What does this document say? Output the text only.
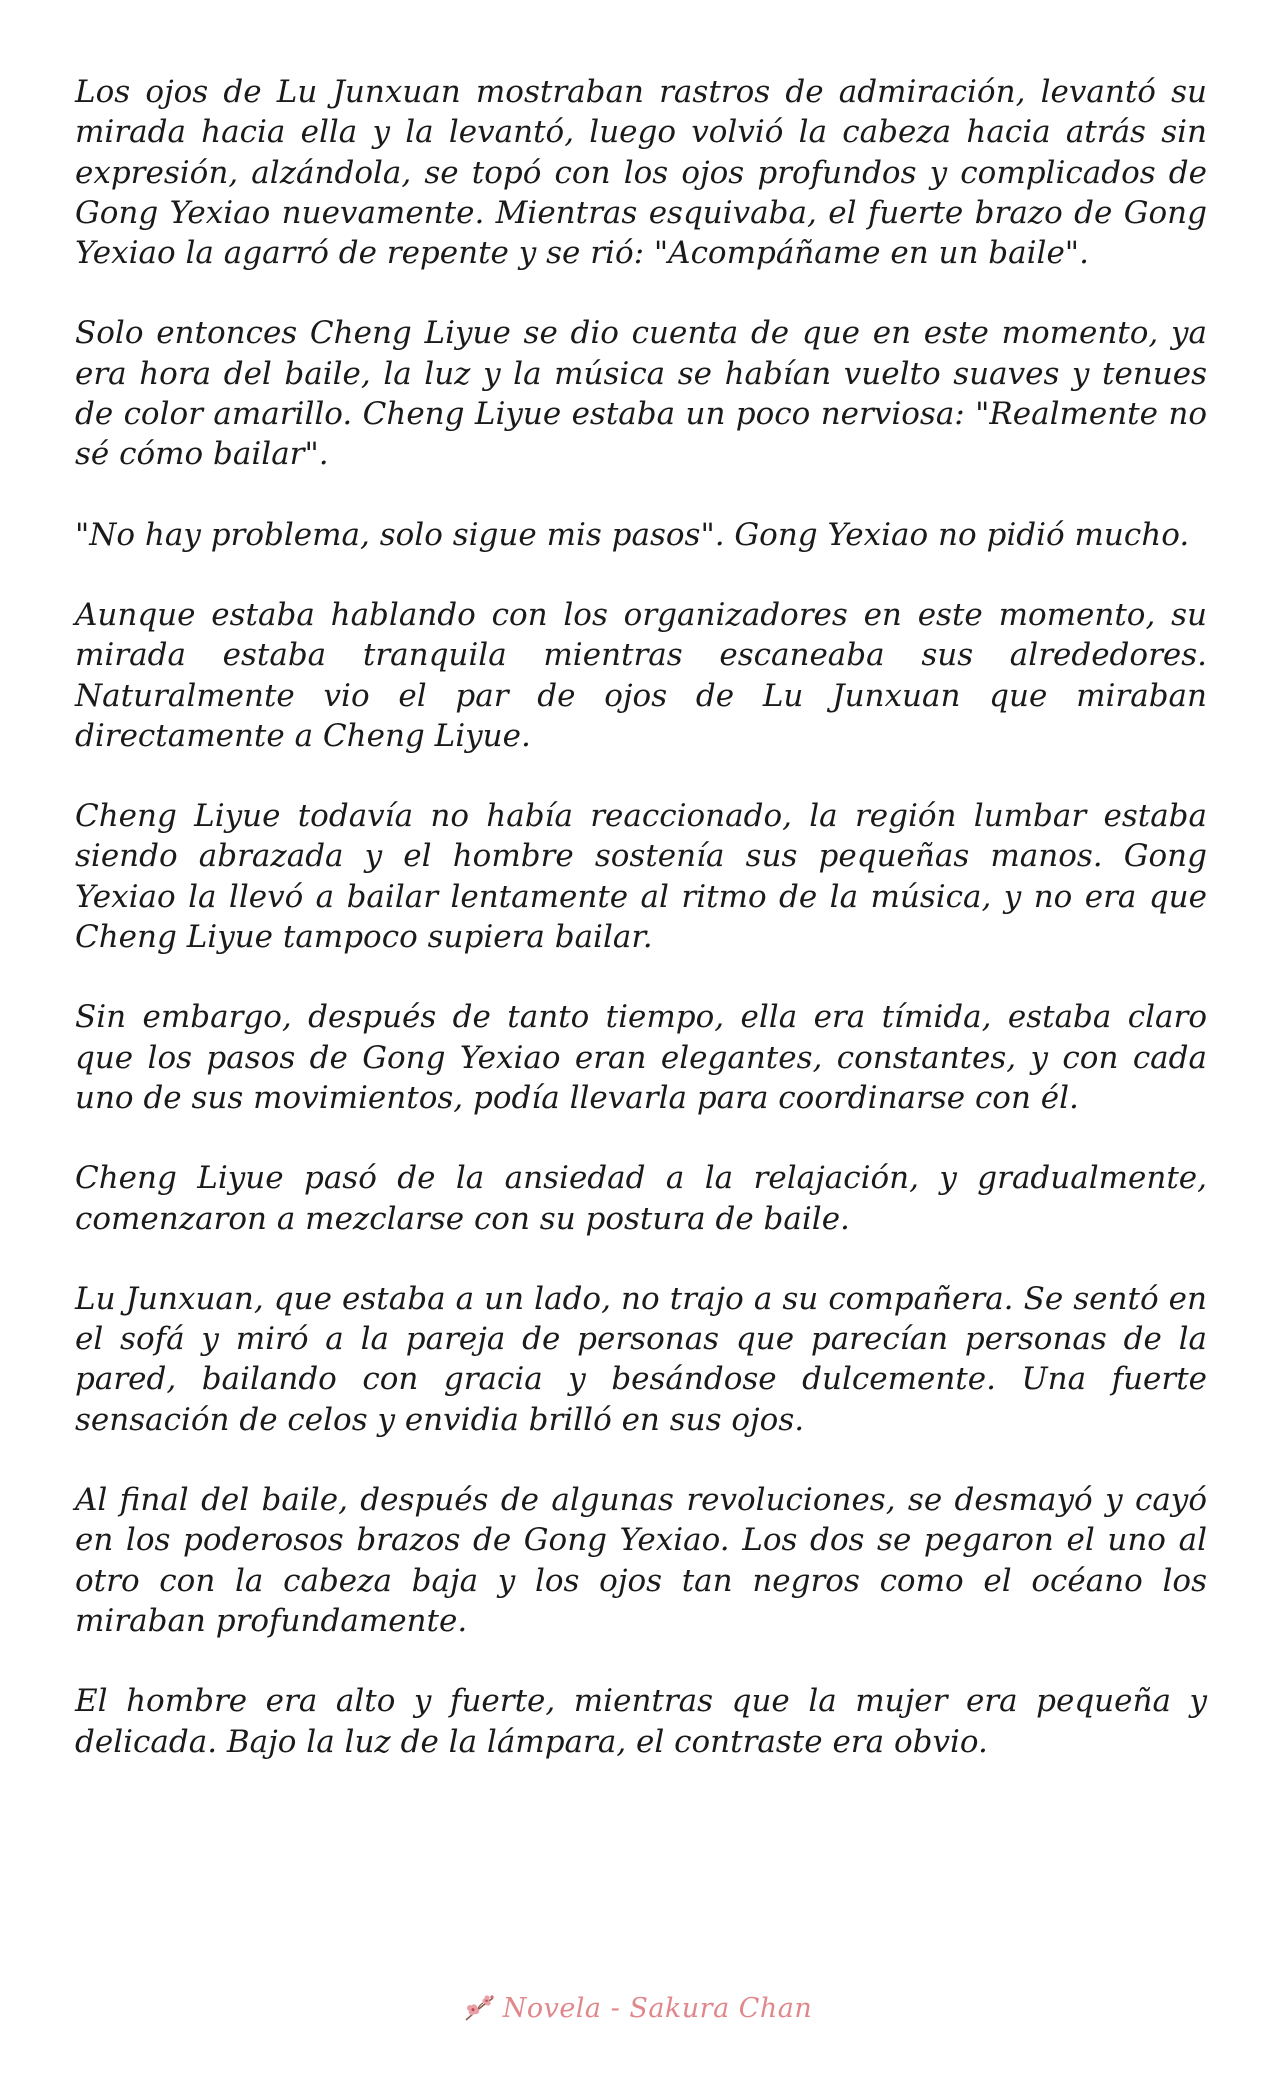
Los ojos de Lu Junxuan mostraban rastros de admiración, levantó su mirada hacia ella y la levantó, luego volvió la cabeza hacia atrás sin expresión, alzándola, se topó con los ojos profundos y complicados de Gong Yexiao nuevamente. Mientras esquivaba, el fuerte brazo de Gong Yexiao la agarró de repente y se rió: "Acompáñame en un baile".

Solo entonces Cheng Liyue se dio cuenta de que en este momento, ya era hora del baile, la luz y la música se habían vuelto suaves y tenues de color amarillo. Cheng Liyue estaba un poco nerviosa: "Realmente no sé cómo bailar".

"No hay problema, solo sigue mis pasos". Gong Yexiao no pidió mucho.

Aunque estaba hablando con los organizadores en este momento, su mirada estaba tranquila mientras escaneaba sus alrededores. Naturalmente vio el par de ojos de Lu Junxuan que miraban directamente a Cheng Liyue.

Cheng Liyue todavía no había reaccionado, la región lumbar estaba siendo abrazada y el hombre sostenía sus pequeñas manos. Gong Yexiao la llevó a bailar lentamente al ritmo de la música, y no era que Cheng Liyue tampoco supiera bailar.

Sin embargo, después de tanto tiempo, ella era tímida, estaba claro que los pasos de Gong Yexiao eran elegantes, constantes, y con cada uno de sus movimientos, podía llevarla para coordinarse con él.

Cheng Liyue pasó de la ansiedad a la relajación, y gradualmente, comenzaron a mezclarse con su postura de baile.

Lu Junxuan, que estaba a un lado, no trajo a su compañera. Se sentó en el sofá y miró a la pareja de personas que parecían personas de la pared, bailando con gracia y besándose dulcemente. Una fuerte sensación de celos y envidia brilló en sus ojos.

Al final del baile, después de algunas revoluciones, se desmayó y cayó en los poderosos brazos de Gong Yexiao. Los dos se pegaron el uno al otro con la cabeza baja y los ojos tan negros como el océano los miraban profundamente.

El hombre era alto y fuerte, mientras que la mujer era pequeña y delicada. Bajo la luz de la lámpara, el contraste era obvio.

Novela - Sakura Chan
